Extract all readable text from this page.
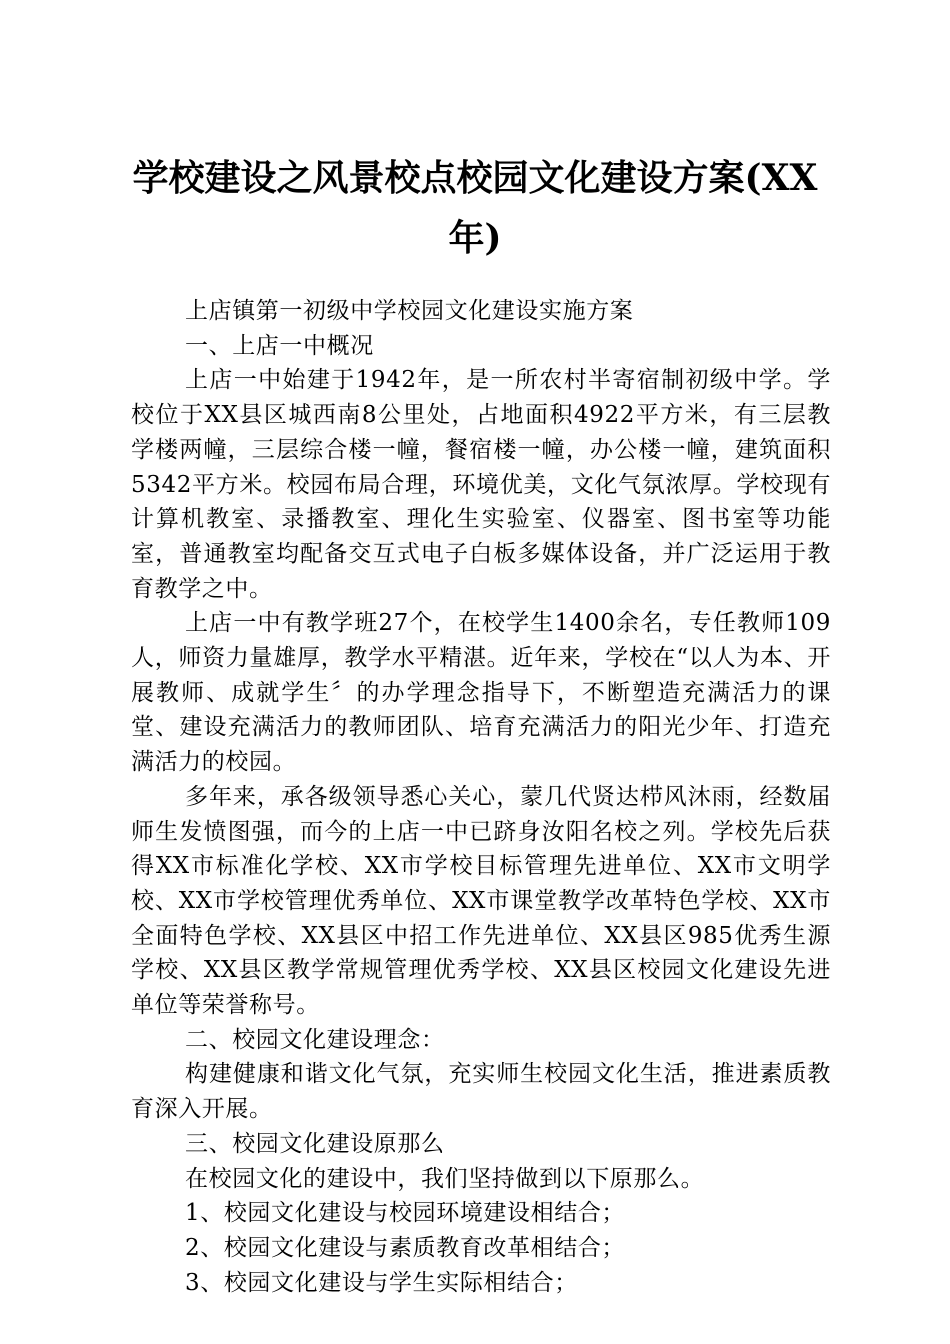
学校建设之风景校点校园文化建设方案(XX年)

上店镇第一初级中学校园文化建设实施方案

一、上店一中概况

上店一中始建于1942年，是一所农村半寄宿制初级中学。学校位于XX县区城西南8公里处，占地面积4922平方米，有三层教学楼两幢，三层综合楼一幢，餐宿楼一幢，办公楼一幢，建筑面积5342平方米。校园布局合理，环境优美，文化气氛浓厚。学校现有计算机教室、录播教室、理化生实验室、仪器室、图书室等功能室，普通教室均配备交互式电子白板多媒体设备，并广泛运用于教育教学之中。

上店一中有教学班27个，在校学生1400余名，专任教师109人，师资力量雄厚，教学水平精湛。近年来，学校在“以人为本、开展教师、成就学生〞的办学理念指导下，不断塑造充满活力的课堂、建设充满活力的教师团队、培育充满活力的阳光少年、打造充满活力的校园。

多年来，承各级领导悉心关心，蒙几代贤达栉风沐雨，经数届师生发愤图强，而今的上店一中已跻身汝阳名校之列。学校先后获得XX市标准化学校、XX市学校目标管理先进单位、XX市文明学校、XX市学校管理优秀单位、XX市课堂教学改革特色学校、XX市全面特色学校、XX县区中招工作先进单位、XX县区985优秀生源学校、XX县区教学常规管理优秀学校、XX县区校园文化建设先进单位等荣誉称号。

二、校园文化建设理念：

构建健康和谐文化气氛，充实师生校园文化生活，推进素质教育深入开展。

三、校园文化建设原那么

在校园文化的建设中，我们坚持做到以下原那么。

1、校园文化建设与校园环境建设相结合；

2、校园文化建设与素质教育改革相结合；

3、校园文化建设与学生实际相结合；
